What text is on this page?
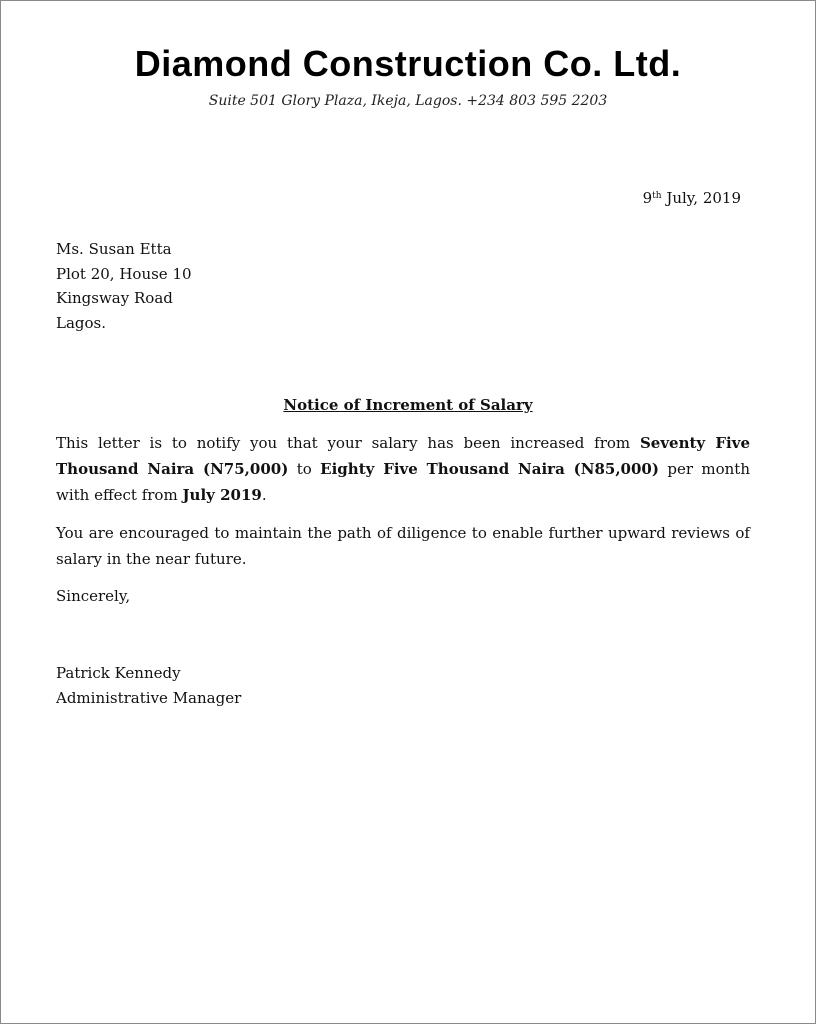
Diamond Construction Co. Ltd.
Suite 501 Glory Plaza, Ikeja, Lagos. +234 803 595 2203
9th July, 2019
Ms. Susan Etta
Plot 20, House 10
Kingsway Road
Lagos.
Notice of Increment of Salary

This letter is to notify you that your salary has been increased from Seventy Five Thousand Naira (N75,000) to Eighty Five Thousand Naira (N85,000) per month with effect from July 2019.

You are encouraged to maintain the path of diligence to enable further upward reviews of salary in the near future.

Sincerely,
Patrick Kennedy
Administrative Manager
